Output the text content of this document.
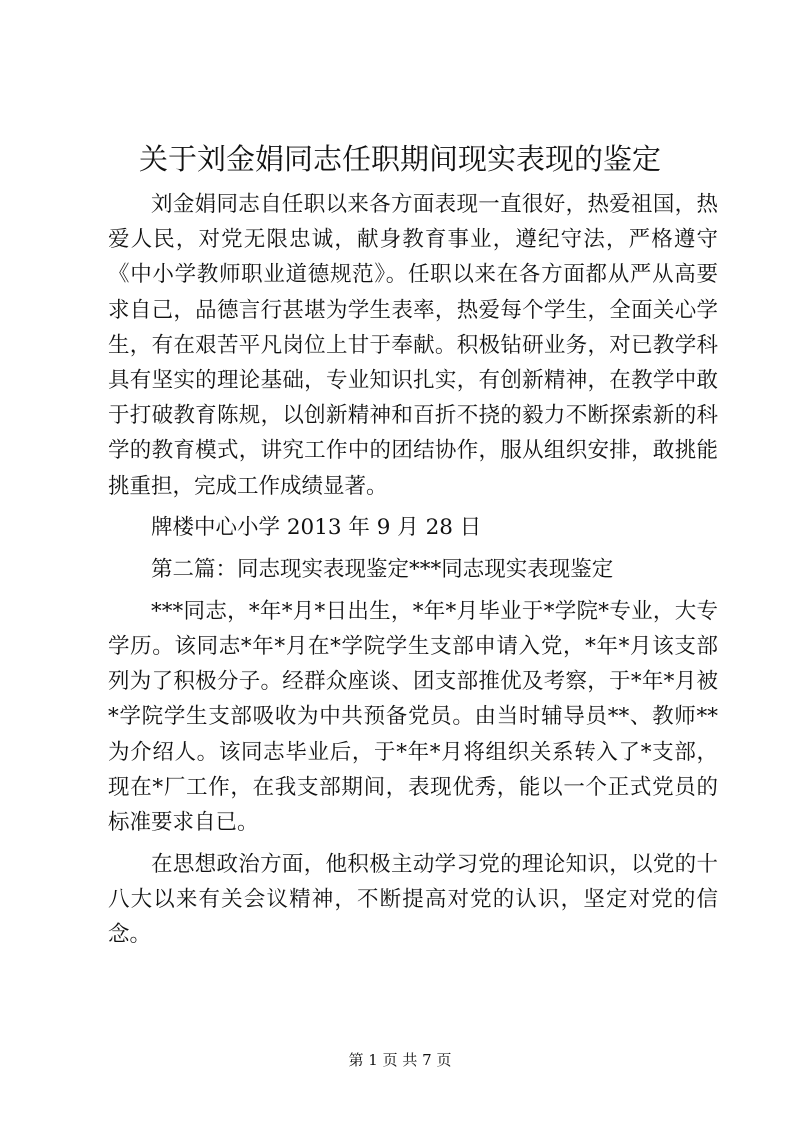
关于刘金娟同志任职期间现实表现的鉴定

刘金娟同志自任职以来各方面表现一直很好，热爱祖国，热爱人民，对党无限忠诚，献身教育事业，遵纪守法，严格遵守《中小学教师职业道德规范》。任职以来在各方面都从严从高要求自己，品德言行甚堪为学生表率，热爱每个学生，全面关心学生，有在艰苦平凡岗位上甘于奉献。积极钻研业务，对已教学科具有坚实的理论基础，专业知识扎实，有创新精神，在教学中敢于打破教育陈规，以创新精神和百折不挠的毅力不断探索新的科学的教育模式，讲究工作中的团结协作，服从组织安排，敢挑能挑重担，完成工作成绩显著。

牌楼中心小学 2013 年 9 月 28 日

第二篇：同志现实表现鉴定***同志现实表现鉴定

***同志，*年*月*日出生，*年*月毕业于*学院*专业，大专学历。该同志*年*月在*学院学生支部申请入党，*年*月该支部列为了积极分子。经群众座谈、团支部推优及考察，于*年*月被*学院学生支部吸收为中共预备党员。由当时辅导员**、教师**为介绍人。该同志毕业后，于*年*月将组织关系转入了*支部，现在*厂工作，在我支部期间，表现优秀，能以一个正式党员的标准要求自已。

在思想政治方面，他积极主动学习党的理论知识，以党的十八大以来有关会议精神，不断提高对党的认识，坚定对党的信念。

第 1 页 共 7 页
